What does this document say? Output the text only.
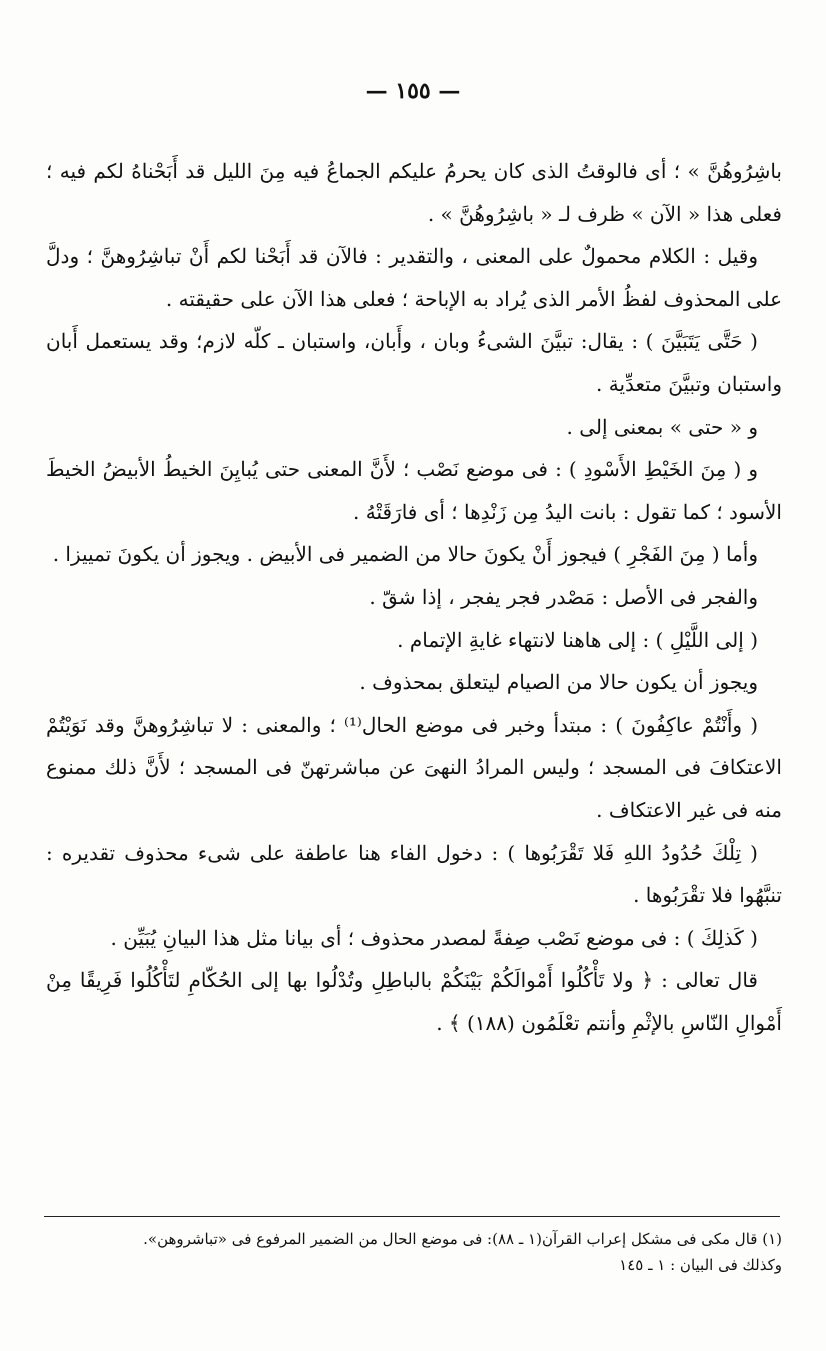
— ١٥٥ —

باشِرُوهُنَّ » ؛ أى فالوقتُ الذى كان يحرمُ عليكم الجماعُ فيه مِنَ الليل قد أَبَحْناهُ لكم فيه ؛ فعلى هذا « الآن » ظرف لـ « باشِرُوهُنَّ » .

وقيل : الكلام محمولٌ على المعنى ، والتقدير : فالآن قد أَبَحْنا لكم أَنْ تباشِرُوهنَّ ؛ ودلَّ على المحذوف لفظُ الأمر الذى يُراد به الإباحة ؛ فعلى هذا الآن على حقيقته .

( حَتَّى يَتَبَيَّنَ ) : يقال: تبيَّنَ الشىءُ وبان ، وأَبان، واستبان ـ كلّه لازم؛ وقد يستعمل أَبان واستبان وتبيَّنَ متعدِّية .

و « حتى » بمعنى إلى .

و ( مِنَ الخَيْطِ الأَسْودِ ) : فى موضع نَصْب ؛ لأَنَّ المعنى حتى يُبايِنَ الخيطُ الأبيضُ الخيطَ الأسود ؛ كما تقول : بانت اليدُ مِن زَنْدِها ؛ أى فارَقَتْهُ .

وأما ( مِنَ الفَجْرِ ) فيجوز أَنْ يكونَ حالا من الضمير فى الأبيض . ويجوز أن يكونَ تمييزا .

والفجر فى الأصل : مَصْدر فجر يفجر ، إذا شقّ .

( إلى اللَّيْلِ ) : إلى هاهنا لانتهاء غايةِ الإتمام .

ويجوز أن يكون حالا من الصيام ليتعلق بمحذوف .

( وأَنْتُمْ عاكِفُونَ ) : مبتدأ وخبر فى موضع الحال⁽¹⁾ ؛ والمعنى : لا تباشِرُوهنَّ وقد نَوَيْتُمْ الاعتكافَ فى المسجد ؛ وليس المرادُ النهىَ عن مباشرتهنّ فى المسجد ؛ لأَنَّ ذلك ممنوع منه فى غير الاعتكاف .

( تِلْكَ حُدُودُ اللهِ فَلا تَقْرَبُوها ) : دخول الفاء هنا عاطفة على شىء محذوف تقديره : تنبَّهُوا فلا تقْرَبُوها .

( كَذلِكَ ) : فى موضع نَصْب صِفةً لمصدر محذوف ؛ أى بيانا مثل هذا البيانِ يُبَيِّن .

قال تعالى : ﴿ ولا تَأْكُلُوا أَمْوالَكُمْ بَيْنَكُمْ بالباطِلِ وتُدْلُوا بها إلى الحُكّامِ لتَأْكُلُوا فَرِيقًا مِنْ أَمْوالِ النّاسِ بالإثْمِ وأنتم تعْلَمُون (١٨٨) ﴾ .

(١) قال مكى فى مشكل إعراب القرآن(١ ـ ٨٨): فى موضع الحال من الضمير المرفوع فى «تباشروهن».

وكذلك فى البيان : ١ ـ ١٤٥
